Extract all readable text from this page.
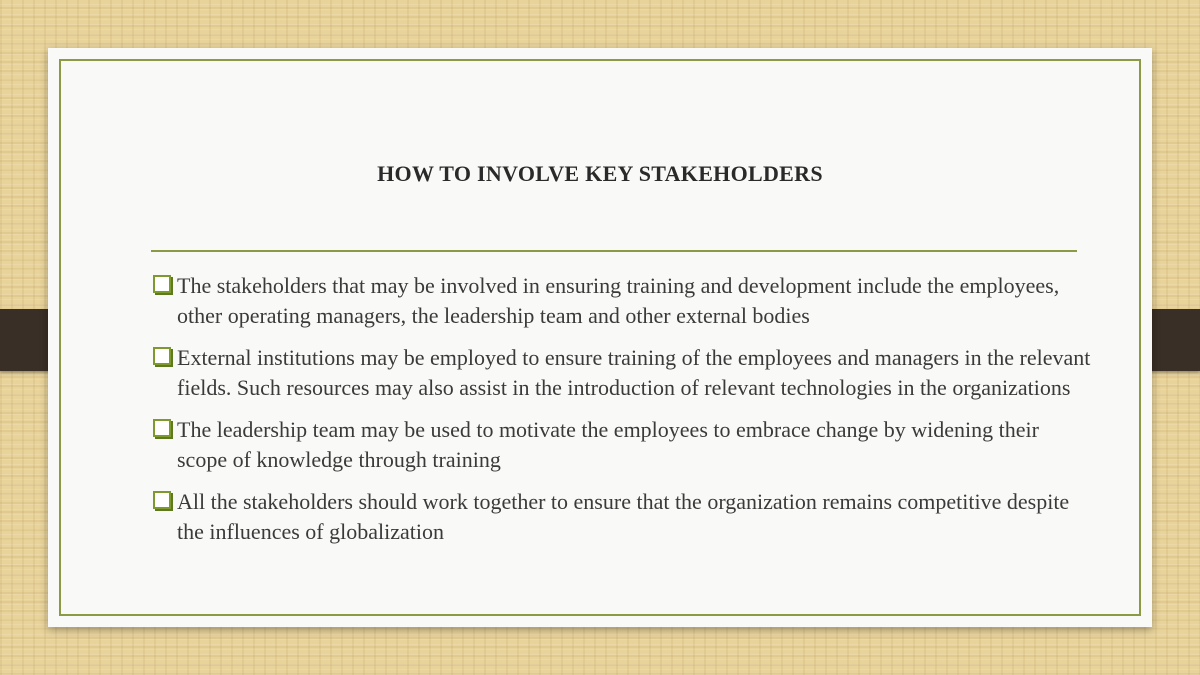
HOW TO INVOLVE KEY STAKEHOLDERS
The stakeholders that may be involved in ensuring training and development include the employees, other operating managers, the leadership team and other external bodies
External institutions may be employed to ensure training of the employees and managers in the relevant fields. Such resources may also assist in the introduction of relevant technologies in the organizations
The leadership team may be used to motivate the employees to embrace change by widening their scope of knowledge through training
All the stakeholders should work together to ensure that the organization remains competitive despite the influences of globalization
